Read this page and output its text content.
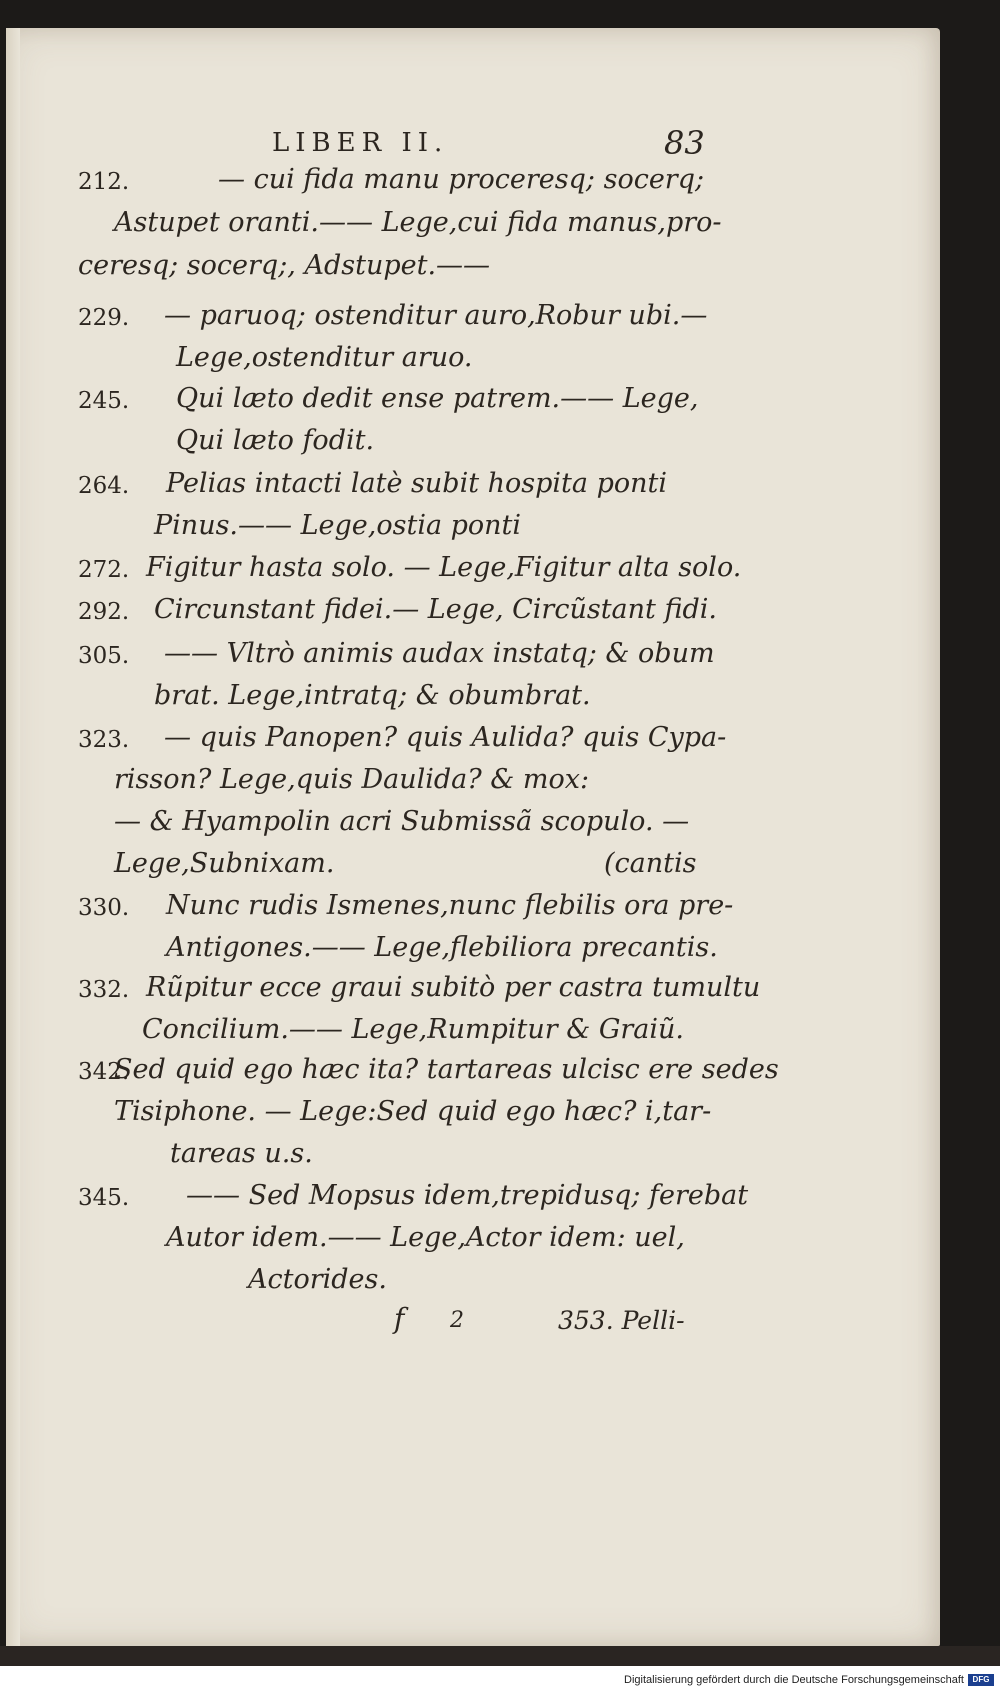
LIBER II.	83
212.	— cui fida manu proceresq; socerq;
Astupet oranti.—— Lege,cui fida manus,pro-
ceresq; socerq;, Adstupet.——
229. — paruoq; ostenditur auro,Robur ubi.—
Lege,ostenditur aruo.
245. Qui læto dedit ense patrem.—— Lege,
Qui læto fodit.
264. Pelias intacti latè subit hospita ponti
Pinus.—— Lege,ostia ponti
272. Figitur hasta solo. — Lege,Figitur alta solo.
292. Circunstant fidei.— Lege, Circũstant fidi.
305. —— Vltrò animis audax instatq; & obum
brat. Lege,intratq; & obumbrat.
323. — quis Panopen? quis Aulida? quis Cypa-
risson? Lege,quis Daulida? & mox:
— & Hyampolin acri Submissã scopulo. —
Lege,Subnixam.	(cantis
330. Nunc rudis Ismenes,nunc flebilis ora pre-
Antigones.—— Lege,flebiliora precantis.
332. Rũpitur ecce graui subitò per castra tumultu
Concilium.—— Lege,Rumpitur & Graiũ.
342.
Sed quid ego hæc ita? tartareas ulcisc ere sedes
Tisiphone. — Lege:Sed quid ego hæc? i,tar-
tareas u.s.
345. —— Sed Mopsus idem,trepidusq; ferebat
Autor idem.—— Lege,Actor idem: uel,
Actorides.
f 2	353. Pelli-
Digitalisierung gefördert durch die Deutsche Forschungsgemeinschaft	DFG
